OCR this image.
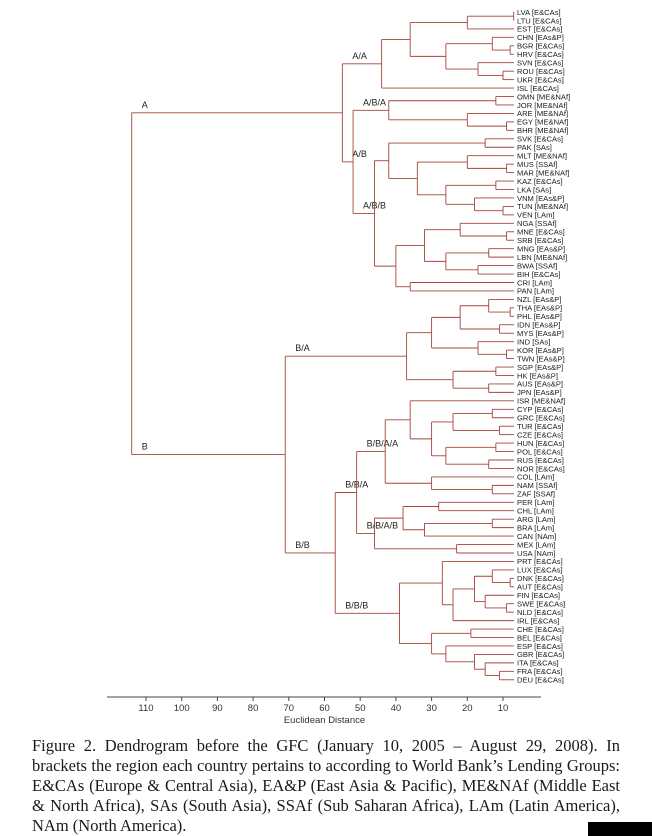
A
A/A
LVA [E&CAs]
LTU [E&CAs]
EST [E&CAs]
CHN [EAs&P]
BGR [E&CAs]
HRV [E&CAs]
SVN [E&CAs]
ROU [E&CAs]
UKR [E&CAs]
ISL [E&CAs]
A/B
A/B/A
OMN [ME&NAf]
JOR [ME&NAf]
ARE [ME&NAf]
EGY [ME&NAf]
BHR [ME&NAf]
A/B/B
SVK [E&CAs]
PAK [SAs]
MLT [ME&NAf]
MUS [SSAf]
MAR [ME&NAf]
KAZ [E&CAs]
LKA [SAs]
VNM [EAs&P]
TUN [ME&NAf]
VEN [LAm]
NGA [SSAf]
MNE [E&CAs]
SRB [E&CAs]
MNG [EAs&P]
LBN [ME&NAf]
BWA [SSAf]
BIH [E&CAs]
CRI [LAm]
PAN [LAm]
B
B/A
NZL [EAs&P]
THA [EAs&P]
PHL [EAs&P]
IDN [EAs&P]
MYS [EAs&P]
IND [SAs]
KOR [EAs&P]
TWN [EAs&P]
SGP [EAs&P]
HK [EAs&P]
AUS [EAs&P]
JPN [EAs&P]
B/B
B/B/A
B/B/A/A
ISR [ME&NAf]
CYP [E&CAs]
GRC [E&CAs]
TUR [E&CAs]
CZE [E&CAs]
HUN [E&CAs]
POL [E&CAs]
RUS [E&CAs]
NOR [E&CAs]
COL [LAm]
NAM [SSAf]
ZAF [SSAf]
B/B/A/B
PER [LAm]
CHL [LAm]
ARG [LAm]
BRA [LAm]
CAN [NAm]
MEX [LAm]
USA [NAm]
B/B/B
PRT [E&CAs]
LUX [E&CAs]
DNK [E&CAs]
AUT [E&CAs]
FIN [E&CAs]
SWE [E&CAs]
NLD [E&CAs]
IRL [E&CAs]
CHE [E&CAs]
BEL [E&CAs]
ESP [E&CAs]
GBR [E&CAs]
ITA [E&CAs]
FRA [E&CAs]
DEU [E&CAs]
110 100 90	80	70	60	50	40	30	20	10
Euclidean Distance

Figure 2. Dendrogram before the GFC (January 10, 2005 – August 29, 2008). In brackets the region each country pertains to according to World Bank’s Lending Groups: E&CAs (Europe & Central Asia), EA&P (East Asia & Pacific), ME&NAf (Middle East & North Africa), SAs (South Asia), SSAf (Sub Saharan Africa), LAm (Latin America), NAm (North America).
